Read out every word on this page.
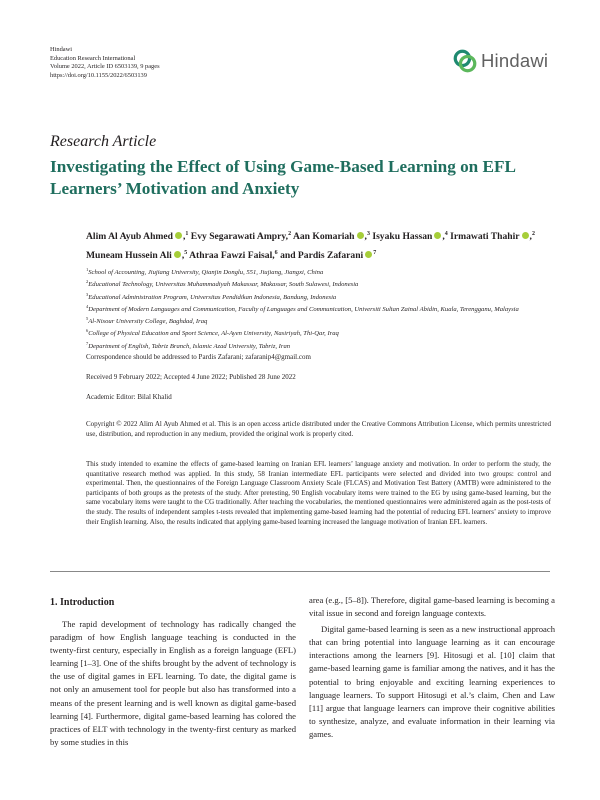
Hindawi
Education Research International
Volume 2022, Article ID 6503139, 9 pages
https://doi.org/10.1155/2022/6503139
Hindawi
Research Article
Investigating the Effect of Using Game-Based Learning on EFL Learners’ Motivation and Anxiety
Alim Al Ayub Ahmed ,$^1$ Evy Segarawati Ampry,$^2$ Aan Komariah ,$^3$ Isyaku Hassan ,$^4$ Irmawati Thahir ,$^2$ Muneam Hussein Ali ,$^5$ Athraa Fawzi Faisal,$^6$ and Pardis Zafarani $^7$
$^1$School of Accounting, Jiujiang University, Qianjin Donglu, 551, Jiujiang, Jiangxi, China
$^2$Educational Technology, Universitas Muhammadiyah Makassar, Makassar, South Sulawesi, Indonesia
$^3$Educational Administration Program, Universitas Pendidikan Indonesia, Bandung, Indonesia
$^4$Department of Modern Languages and Communication, Faculty of Languages and Communication, Universiti Sultan Zainal Abidin, Kuala, Terengganu, Malaysia
$^5$Al-Nisour University College, Baghdad, Iraq
$^6$College of Physical Education and Sport Science, Al-Ayen University, Nasiriyah, Thi-Qar, Iraq
$^7$Department of English, Tabriz Branch, Islamic Azad University, Tabriz, Iran
Correspondence should be addressed to Pardis Zafarani; zafaranip4@gmail.com
Received 9 February 2022; Accepted 4 June 2022; Published 28 June 2022
Academic Editor: Bilal Khalid
Copyright © 2022 Alim Al Ayub Ahmed et al. This is an open access article distributed under the Creative Commons Attribution License, which permits unrestricted use, distribution, and reproduction in any medium, provided the original work is properly cited.
This study intended to examine the effects of game-based learning on Iranian EFL learners’ language anxiety and motivation. In order to perform the study, the quantitative research method was applied. In this study, 58 Iranian intermediate EFL participants were selected and divided into two groups: control and experimental. Then, the questionnaires of the Foreign Language Classroom Anxiety Scale (FLCAS) and Motivation Test Battery (AMTB) were administered to the participants of both groups as the pretests of the study. After pretesting, 90 English vocabulary items were trained to the EG by using game-based learning, but the same vocabulary items were taught to the CG traditionally. After teaching the vocabularies, the mentioned questionnaires were administered again as the post-tests of the study. The results of independent samples t-tests revealed that implementing game-based learning had the potential of reducing EFL learners’ anxiety to improve their English learning. Also, the results indicated that applying game-based learning increased the language motivation of Iranian EFL learners.
1. Introduction

The rapid development of technology has radically changed the paradigm of how English language teaching is conducted in the twenty-first century, especially in English as a foreign language (EFL) learning [1–3]. One of the shifts brought by the advent of technology is the use of digital games in EFL learning. To date, the digital game is not only an amusement tool for people but also has transformed into a means of the present learning and is well known as digital game-based learning [4]. Furthermore, digital game-based learning has colored the practices of ELT with technology in the twenty-first century as marked by some studies in this

area (e.g., [5–8]). Therefore, digital game-based learning is becoming a vital issue in second and foreign language contexts.

Digital game-based learning is seen as a new instructional approach that can bring potential into language learning as it can encourage interactions among the learners [9]. Hitosugi et al. [10] claim that game-based learning game is familiar among the natives, and it has the potential to bring enjoyable and exciting learning experiences to language learners. To support Hitosugi et al.’s claim, Chen and Law [11] argue that language learners can improve their cognitive abilities to synthesize, analyze, and evaluate information in their learning via games.
